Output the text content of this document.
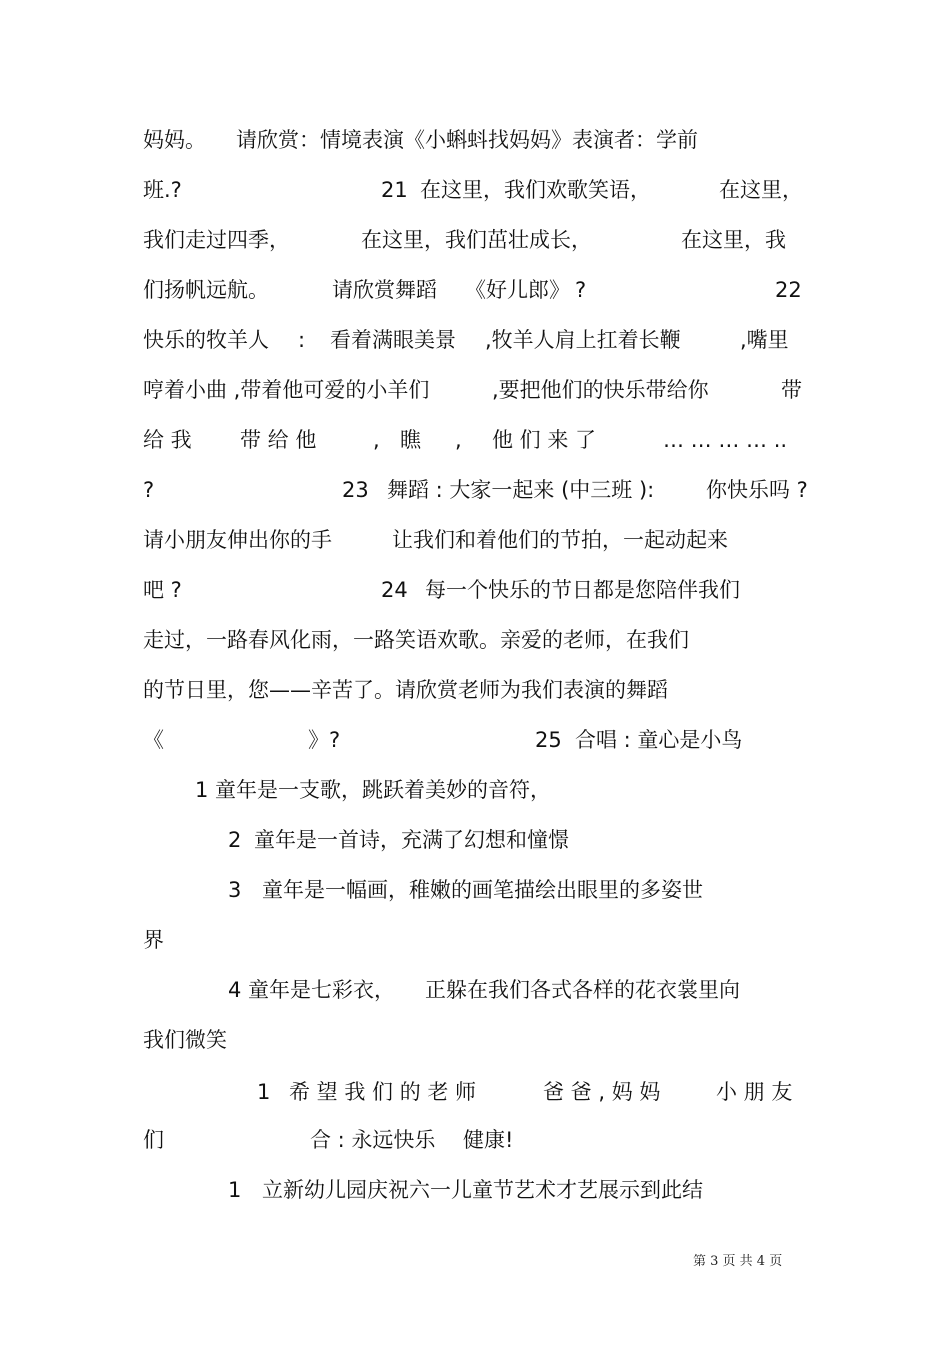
妈妈。 请欣赏：情境表演《小蝌蚪找妈妈》表演者：学前
班.?	21 在这里，我们欢歌笑语，	在这里，
我们走过四季，	在这里，我们茁壮成长，	在这里，我
们扬帆远航。	请欣赏舞蹈 《好儿郎》 ?	22
快乐的牧羊人 : 看着满眼美景 ,牧羊人肩上扛着长鞭	,嘴里
哼着小曲 ,带着他可爱的小羊们	,要把他们的快乐带给你	带
给 我 带 给 他	, 瞧 , 他 们 来 了	… … … … ..
?	23 舞蹈 : 大家一起来 (中三班 ): 你快乐吗 ?
请小朋友伸出你的手	让我们和着他们的节拍，一起动起来
吧 ?	24 每一个快乐的节日都是您陪伴我们
走过，一路春风化雨，一路笑语欢歌。亲爱的老师，在我们
的节日里，您——辛苦了。请欣赏老师为我们表演的舞蹈
《	》?	25 合唱 : 童心是小鸟
1 童年是一支歌，跳跃着美妙的音符，
2 童年是一首诗，充满了幻想和憧憬
3 童年是一幅画，稚嫩的画笔描绘出眼里的多姿世
界
4 童年是七彩衣， 正躲在我们各式各样的花衣裳里向
我们微笑
1 希 望 我 们 的 老 师	爸 爸 , 妈 妈	小 朋 友
们	合 : 永远快乐 健康!
1 立新幼儿园庆祝六一儿童节艺术才艺展示到此结
第 3 页 共 4 页
